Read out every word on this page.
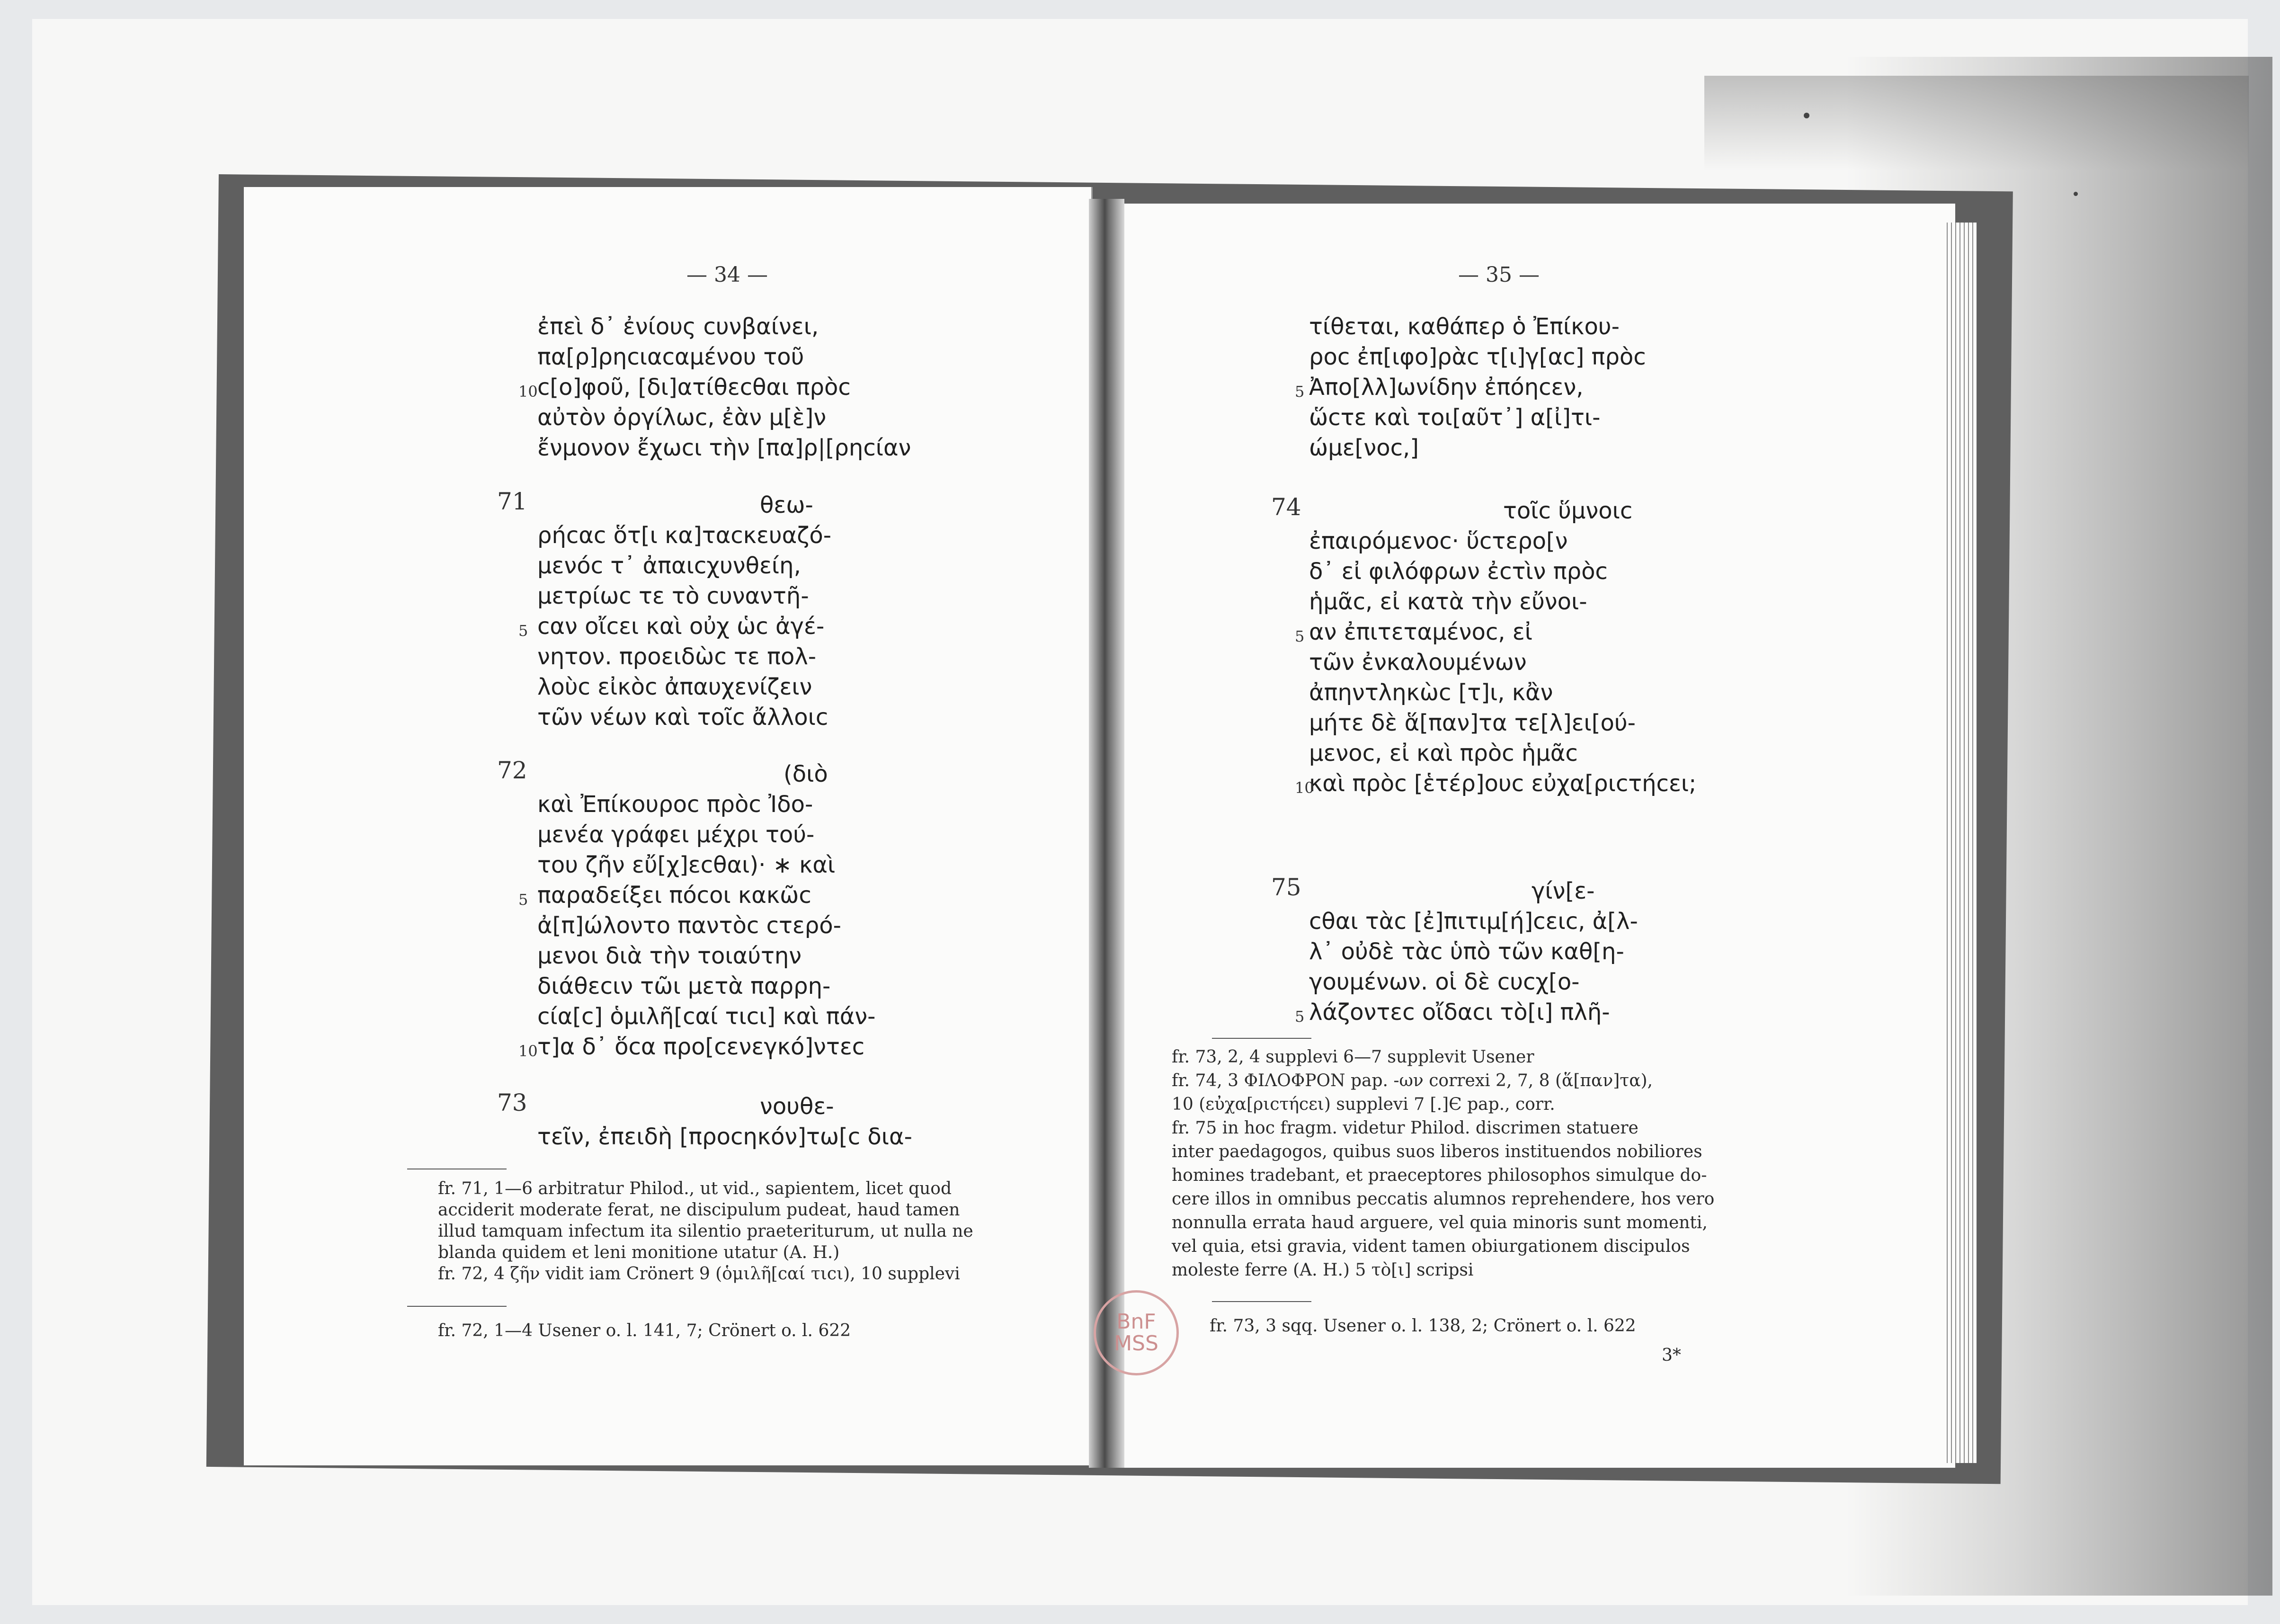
— 34 —
ἐπεὶ δ᾽ ἐνίους ϲυνβαίνει,
πα[ρ]ρηϲιαϲαμένου τοῦ
ϲ[ο]φοῦ, [δι]ατίθεϲθαι πρὸϲ
10
αὐτὸν ὀργίλωϲ, ἐὰν μ[ὲ]ν
ἔνμονον ἔχωϲι τὴν [πα]ρ|[ρηϲίαν
θεω-
ρήϲαϲ ὅτ[ι κα]ταϲκευαζό-
μενόϲ τ᾽ ἀπαιϲχυνθείη,
μετρίωϲ τε τὸ ϲυναντῆ-
ϲαν οἴϲει καὶ οὐχ ὡϲ ἀγέ-
5
νητον. προειδὼϲ τε πολ-
λοὺϲ εἰκὸϲ ἀπαυχενίζειν
τῶν νέων καὶ τοῖϲ ἄλλοιϲ
(διὸ
καὶ Ἐπίκουροϲ πρὸϲ Ἰδο-
μενέα γράφει μέχρι τού-
του ζῆν εὔ[χ]εϲθαι)· ∗ καὶ
παραδείξει πόϲοι κακῶϲ
5
ἀ[π]ώλοντο παντὸϲ ϲτερό-
μενοι διὰ τὴν τοιαύτην
διάθεϲιν τῶι μετὰ παρρη-
ϲία[ϲ] ὁμιλῆ[ϲαί τιϲι] καὶ πάν-
τ]α δ᾽ ὅϲα προ[ϲενεγκό]ντεϲ
10
νουθε-
τεῖν, ἐπειδὴ [προϲηκόν]τω[ϲ δια-
71
72
73
fr. 71, 1—6 arbitratur Philod., ut vid., sapientem, licet quod
acciderit moderate ferat, ne discipulum pudeat, haud tamen
illud tamquam infectum ita silentio praeteriturum, ut nulla ne
blanda quidem et leni monitione utatur (A. H.)
fr. 72, 4 ζῆν vidit iam Crönert 9 (ὁμιλῆ[ϲαί τιϲι), 10 supplevi
fr. 72, 1—4 Usener o. l. 141, 7; Crönert o. l. 622
— 35 —
τίθεται, καθάπερ ὁ Ἐπίκου-
ροϲ ἐπ[ιφο]ρὰϲ τ[ι]γ[αϲ] πρὸϲ
Ἀπο[λλ]ωνίδην ἐπόηϲεν,
5
ὥϲτε καὶ τοι[αῦτ᾽] α[ἰ]τι-
ώμε[νοϲ,]
τοῖϲ ὕμνοιϲ
ἐπαιρόμενοϲ· ὕϲτερο[ν
δ᾽ εἰ φιλόφρων ἐϲτὶν πρὸϲ
ἡμᾶϲ, εἰ κατὰ τὴν εὔνοι-
αν ἐπιτεταμένοϲ, εἰ
5
τῶν ἐνκαλουμένων
ἀπηντληκὼϲ [τ]ι, κἂν
μήτε δὲ ἅ[παν]τα τε[λ]ει[ού-
μενοϲ, εἰ καὶ πρὸϲ ἡμᾶϲ
καὶ πρὸϲ [ἑτέρ]ουϲ εὐχα[ριϲτήϲει;
10
γίν[ε-
ϲθαι τὰϲ [ἐ]πιτιμ[ή]ϲειϲ, ἀ[λ-
λ᾽ οὐδὲ τὰϲ ὑπὸ τῶν καθ[η-
γουμένων. οἱ δὲ ϲυϲχ[ο-
λάζοντεϲ οἴδαϲι τὸ[ι] πλῆ-
5
74
75
fr. 73, 2, 4 supplevi 6—7 supplevit Usener
fr. 74, 3 ΦΙΛΟΦΡΟΝ pap. -ων correxi 2, 7, 8 (ἅ[παν]τα),
10 (εὐχα[ριϲτήϲει) supplevi 7 [.]Є pap., corr.
fr. 75 in hoc fragm. videtur Philod. discrimen statuere
inter paedagogos, quibus suos liberos instituendos nobiliores
homines tradebant, et praeceptores philosophos simulque do-
cere illos in omnibus peccatis alumnos reprehendere, hos vero
nonnulla errata haud arguere, vel quia minoris sunt momenti,
vel quia, etsi gravia, vident tamen obiurgationem discipulos
moleste ferre (A. H.) 5 τὸ[ι] scripsi
fr. 73, 3 sqq. Usener o. l. 138, 2; Crönert o. l. 622
3*
BnF
MSS
